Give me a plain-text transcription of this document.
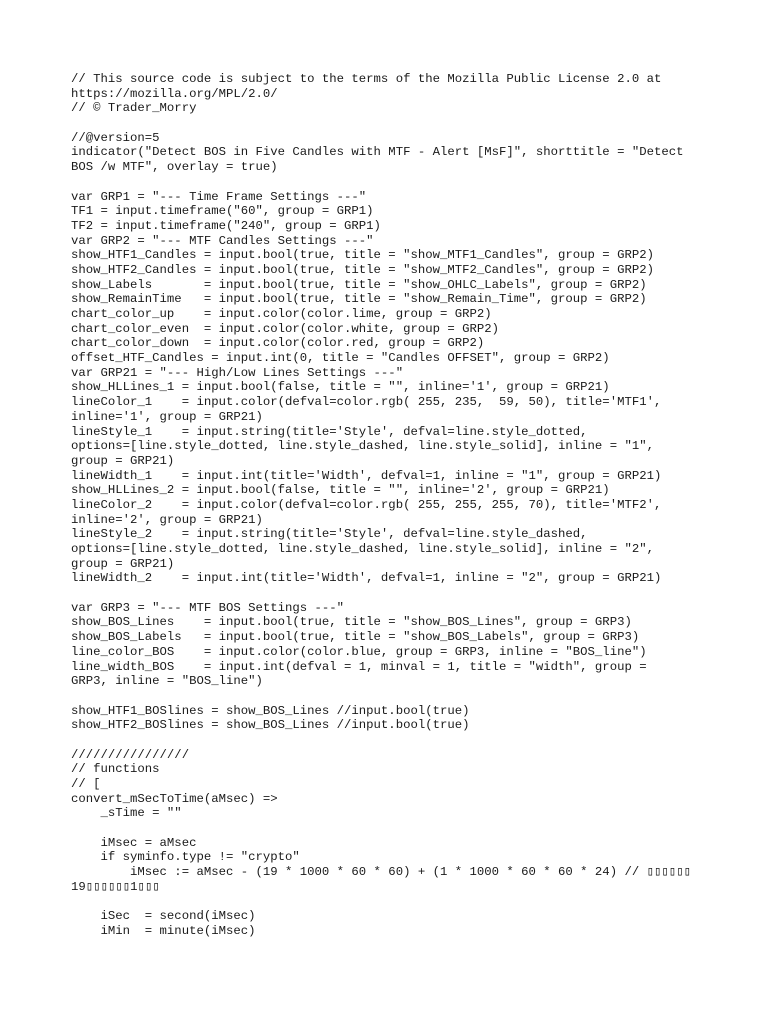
// This source code is subject to the terms of the Mozilla Public License 2.0 at
https://mozilla.org/MPL/2.0/
// © Trader_Morry
//@version=5
indicator("Detect BOS in Five Candles with MTF - Alert [MsF]", shorttitle = "Detect
BOS /w MTF", overlay = true)
var GRP1 = "--- Time Frame Settings ---"
TF1 = input.timeframe("60", group = GRP1)
TF2 = input.timeframe("240", group = GRP1)
var GRP2 = "--- MTF Candles Settings ---"
show_HTF1_Candles = input.bool(true, title = "show_MTF1_Candles", group = GRP2)
show_HTF2_Candles = input.bool(true, title = "show_MTF2_Candles", group = GRP2)
show_Labels       = input.bool(true, title = "show_OHLC_Labels", group = GRP2)
show_RemainTime   = input.bool(true, title = "show_Remain_Time", group = GRP2)
chart_color_up    = input.color(color.lime, group = GRP2)
chart_color_even  = input.color(color.white, group = GRP2)
chart_color_down  = input.color(color.red, group = GRP2)
offset_HTF_Candles = input.int(0, title = "Candles OFFSET", group = GRP2)
var GRP21 = "--- High/Low Lines Settings ---"
show_HLLines_1 = input.bool(false, title = "", inline='1', group = GRP21)
lineColor_1    = input.color(defval=color.rgb( 255, 235,  59, 50), title='MTF1',
inline='1', group = GRP21)
lineStyle_1    = input.string(title='Style', defval=line.style_dotted,
options=[line.style_dotted, line.style_dashed, line.style_solid], inline = "1",
group = GRP21)
lineWidth_1    = input.int(title='Width', defval=1, inline = "1", group = GRP21)
show_HLLines_2 = input.bool(false, title = "", inline='2', group = GRP21)
lineColor_2    = input.color(defval=color.rgb( 255, 255, 255, 70), title='MTF2',
inline='2', group = GRP21)
lineStyle_2    = input.string(title='Style', defval=line.style_dashed,
options=[line.style_dotted, line.style_dashed, line.style_solid], inline = "2",
group = GRP21)
lineWidth_2    = input.int(title='Width', defval=1, inline = "2", group = GRP21)
var GRP3 = "--- MTF BOS Settings ---"
show_BOS_Lines    = input.bool(true, title = "show_BOS_Lines", group = GRP3)
show_BOS_Labels   = input.bool(true, title = "show_BOS_Labels", group = GRP3)
line_color_BOS    = input.color(color.blue, group = GRP3, inline = "BOS_line")
line_width_BOS    = input.int(defval = 1, minval = 1, title = "width", group =
GRP3, inline = "BOS_line")
show_HTF1_BOSlines = show_BOS_Lines //input.bool(true)
show_HTF2_BOSlines = show_BOS_Lines //input.bool(true)
////////////////
// functions
// [
convert_mSecToTime(aMsec) =>
_sTime = ""
iMsec = aMsec
if syminfo.type != "crypto"
iMsec := aMsec - (19 * 1000 * 60 * 60) + (1 * 1000 * 60 * 60 * 24) // ▯▯▯▯▯▯
19▯▯▯▯▯▯1▯▯▯
iSec  = second(iMsec)
iMin  = minute(iMsec)
